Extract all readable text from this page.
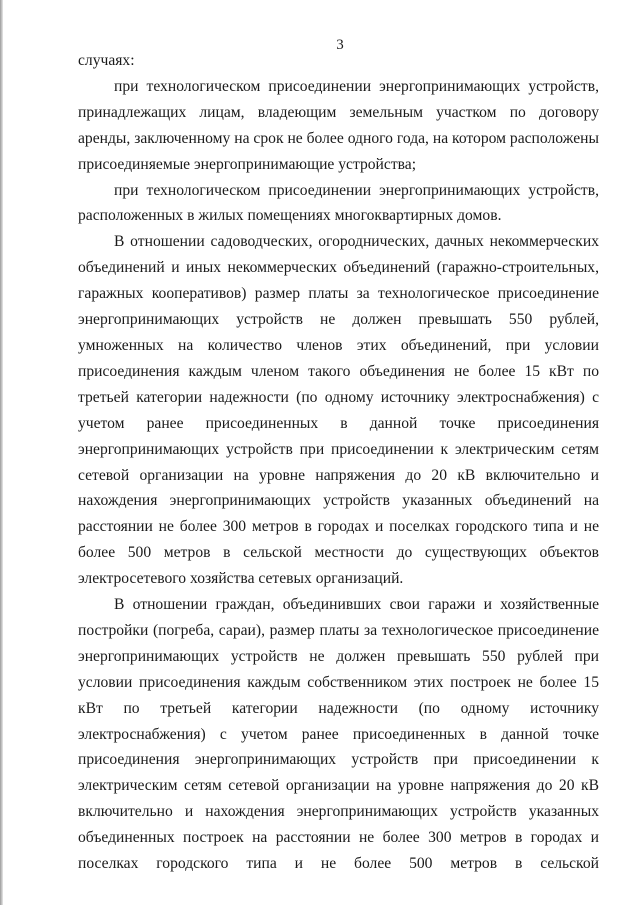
3

случаях:

при технологическом присоединении энергопринимающих устройств, принадлежащих лицам, владеющим земельным участком по договору аренды, заключенному на срок не более одного года, на котором расположены присоединяемые энергопринимающие устройства;

при технологическом присоединении энергопринимающих устройств, расположенных в жилых помещениях многоквартирных домов.

В отношении садоводческих, огороднических, дачных некоммерческих объединений и иных некоммерческих объединений (гаражно-строительных, гаражных кооперативов) размер платы за технологическое присоединение энергопринимающих устройств не должен превышать 550 рублей, умноженных на количество членов этих объединений, при условии присоединения каждым членом такого объединения не более 15 кВт по третьей категории надежности (по одному источнику электроснабжения) с учетом ранее присоединенных в данной точке присоединения энергопринимающих устройств при присоединении к электрическим сетям сетевой организации на уровне напряжения до 20 кВ включительно и нахождения энергопринимающих устройств указанных объединений на расстоянии не более 300 метров в городах и поселках городского типа и не более 500 метров в сельской местности до существующих объектов электросетевого хозяйства сетевых организаций.

В отношении граждан, объединивших свои гаражи и хозяйственные постройки (погреба, сараи), размер платы за технологическое присоединение энергопринимающих устройств не должен превышать 550 рублей при условии присоединения каждым собственником этих построек не более 15 кВт по третьей категории надежности (по одному источнику электроснабжения) с учетом ранее присоединенных в данной точке присоединения энергопринимающих устройств при присоединении к электрическим сетям сетевой организации на уровне напряжения до 20 кВ включительно и нахождения энергопринимающих устройств указанных объединенных построек на расстоянии не более 300 метров в городах и поселках городского типа и не более 500 метров в сельской
